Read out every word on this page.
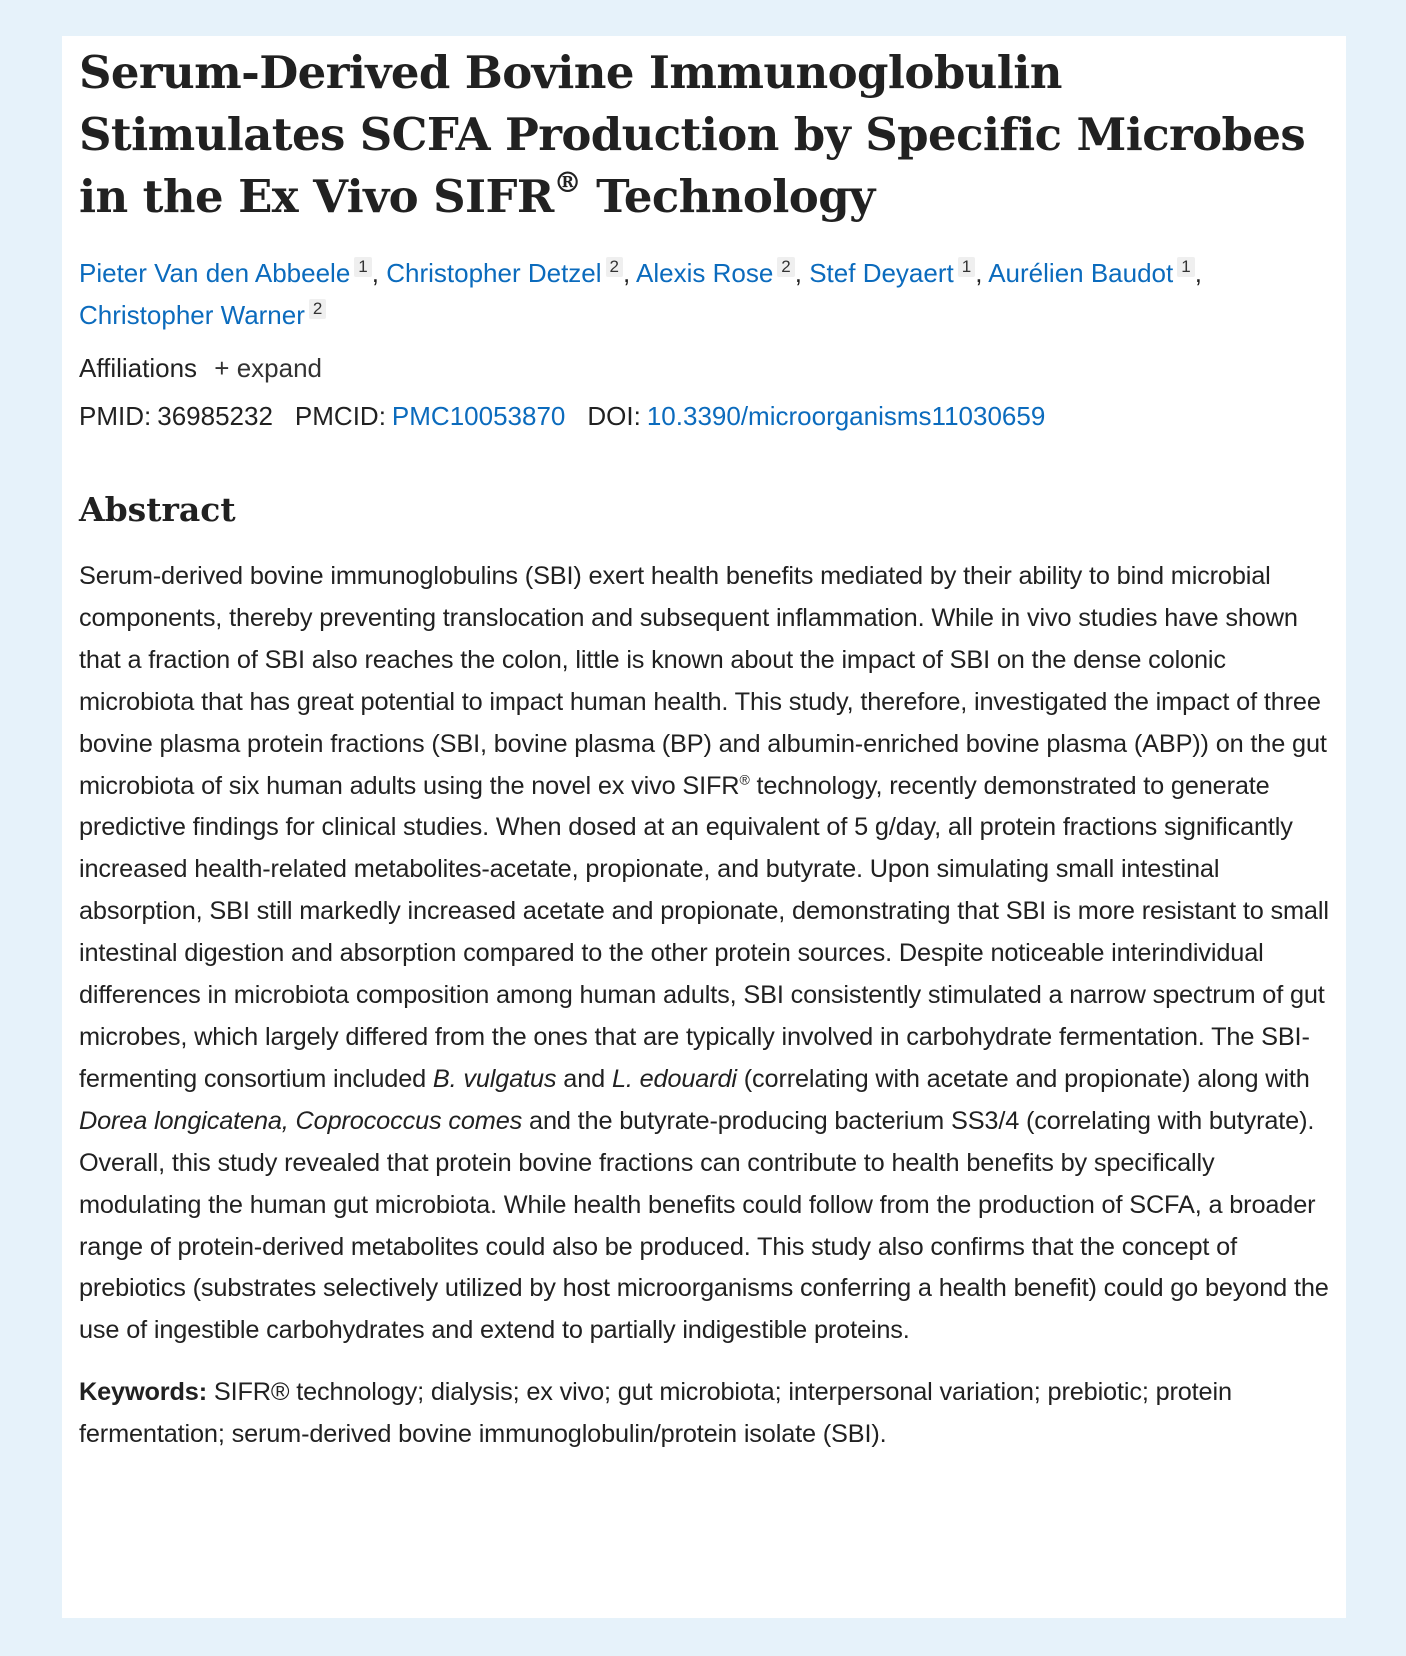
Serum-Derived Bovine Immunoglobulin Stimulates SCFA Production by Specific Microbes in the Ex Vivo SIFR® Technology
Pieter Van den Abbeele 1 , Christopher Detzel 2 , Alexis Rose 2 , Stef Deyaert 1 , Aurélien Baudot 1 ,
Christopher Warner 2
Affiliations + expand
PMID: 36985232 PMCID: PMC10053870 DOI: 10.3390/microorganisms11030659
Abstract

Serum-derived bovine immunoglobulins (SBI) exert health benefits mediated by their ability to bind microbial components, thereby preventing translocation and subsequent inflammation. While in vivo studies have shown that a fraction of SBI also reaches the colon, little is known about the impact of SBI on the dense colonic microbiota that has great potential to impact human health. This study, therefore, investigated the impact of three bovine plasma protein fractions (SBI, bovine plasma (BP) and albumin-enriched bovine plasma (ABP)) on the gut microbiota of six human adults using the novel ex vivo SIFR® technology, recently demonstrated to generate predictive findings for clinical studies. When dosed at an equivalent of 5 g/day, all protein fractions significantly increased health-related metabolites-acetate, propionate, and butyrate. Upon simulating small intestinal absorption, SBI still markedly increased acetate and propionate, demonstrating that SBI is more resistant to small intestinal digestion and absorption compared to the other protein sources. Despite noticeable interindividual differences in microbiota composition among human adults, SBI consistently stimulated a narrow spectrum of gut microbes, which largely differed from the ones that are typically involved in carbohydrate fermentation. The SBI-fermenting consortium included B. vulgatus and L. edouardi (correlating with acetate and propionate) along with Dorea longicatena, Coprococcus comes and the butyrate-producing bacterium SS3/4 (correlating with butyrate). Overall, this study revealed that protein bovine fractions can contribute to health benefits by specifically modulating the human gut microbiota. While health benefits could follow from the production of SCFA, a broader range of protein-derived metabolites could also be produced. This study also confirms that the concept of prebiotics (substrates selectively utilized by host microorganisms conferring a health benefit) could go beyond the use of ingestible carbohydrates and extend to partially indigestible proteins.

Keywords: SIFR® technology; dialysis; ex vivo; gut microbiota; interpersonal variation; prebiotic; protein fermentation; serum-derived bovine immunoglobulin/protein isolate (SBI).
